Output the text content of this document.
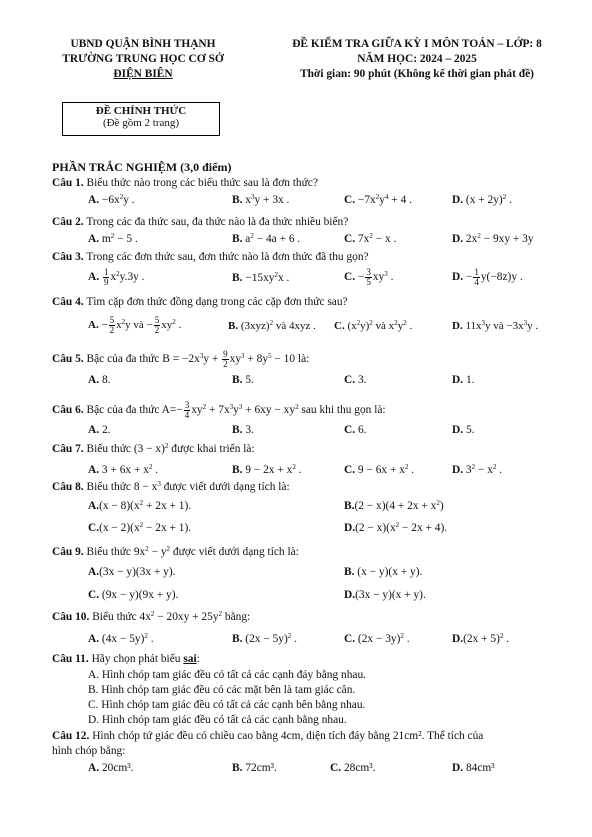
UBND QUẬN BÌNH THẠNH
TRƯỜNG TRUNG HỌC CƠ SỞ
ĐIỆN BIÊN
ĐỀ KIỂM TRA GIỮA KỲ I MÔN TOÁN – LỚP: 8
NĂM HỌC: 2024 – 2025
Thời gian: 90 phút (Không kể thời gian phát đề)
ĐỀ CHÍNH THỨC
(Đề gồm 2 trang)
PHẦN TRẮC NGHIỆM (3,0 điểm)
Câu 1. Biểu thức nào trong các biểu thức sau là đơn thức?
A. $-6x^2y$ .	B. $x^3y + 3x$ .	C. $-7x^2y^4 + 4$ .	D. $(x + 2y)^2$ .
Câu 2. Trong các đa thức sau, đa thức nào là đa thức nhiều biến?
A. $m^2 - 5$ .	B. $a^2 - 4a + 6$ .	C. $7x^2 - x$ .	D. $2x^2 - 9xy + 3y$
Câu 3. Trong các đơn thức sau, đơn thức nào là đơn thức đã thu gọn?
A. $\frac{1}{9} x^2y.3y$ .	B. $-15xy^2x$ .	C. − $\frac{3}{5} xy^3$ .	D. − $\frac{1}{4} y(-8z)y$ .
Câu 4. Tìm cặp đơn thức đồng dạng trong các cặp đơn thức sau?
A. − $\frac{5}{2} x^2y$ và − $\frac{5}{2} xy^2$ .	B. $(3xyz)^2$ và 4xyz . C. $(x^2y)^2$ và $x^2y^2$ .	D. $11x^3y$ và $-3x^3y$ .
Câu 5. Bậc của đa thức $B = -2x^3y + \frac{9}{2} xy^3 + 8y^5 - 10$ là:
A. 8.	B. 5.	C. 3.	D. 1.
Câu 6. Bậc của đa thức $A=- \frac{3}{4} xy^2 + 7x^3y^3 + 6xy - xy^2$ sau khi thu gọn là:
A. 2.	B. 3.	C. 6.	D. 5.
Câu 7. Biểu thức $(3 - x)^2$ được khai triển là:
A. $3 + 6x + x^2$ .	B. $9 - 2x + x^2$ .	C. $9 - 6x + x^2$ .	D. $3^2 - x^2$ .
Câu 8. Biểu thức $8 - x^3$ được viết dưới dạng tích là:
$A.(x - 8)(x^2 + 2x + 1)$.	$B.(2 - x)(4 + 2x + x^2)$
$C.(x - 2)(x^2 - 2x + 1)$.	$D.(2 - x)(x^2 - 2x + 4)$.
Câu 9. Biểu thức $9x^2 - y^2$ được viết dưới dạng tích là:
A.(3x − y)(3x + y).	B. (x − y)(x + y).
C. (9x − y)(9x + y).	D.(3x − y)(x + y).
Câu 10. Biểu thức $4x^2 - 20xy + 25y^2$ bằng:
A. $(4x - 5y)^2$ .	B. $(2x - 5y)^2$ .	C. $(2x - 3y)^2$ .	$D.(2x + 5)^2$ .
Câu 11. Hãy chọn phát biểu sai:
A. Hình chóp tam giác đều có tất cả các cạnh đáy bằng nhau.
B. Hình chóp tam giác đều có các mặt bên là tam giác cân.
C. Hình chóp tam giác đều có tất cả các cạnh bên bằng nhau.
D. Hình chóp tam giác đều có tất cả các cạnh bằng nhau.
Câu 12. Hình chóp tứ giác đều có chiều cao bằng 4cm, diện tích đáy bằng 21cm². Thể tích của
hình chóp bằng:
A. 20cm³.	B. 72cm³.	C. 28cm³.	D. 84cm³
